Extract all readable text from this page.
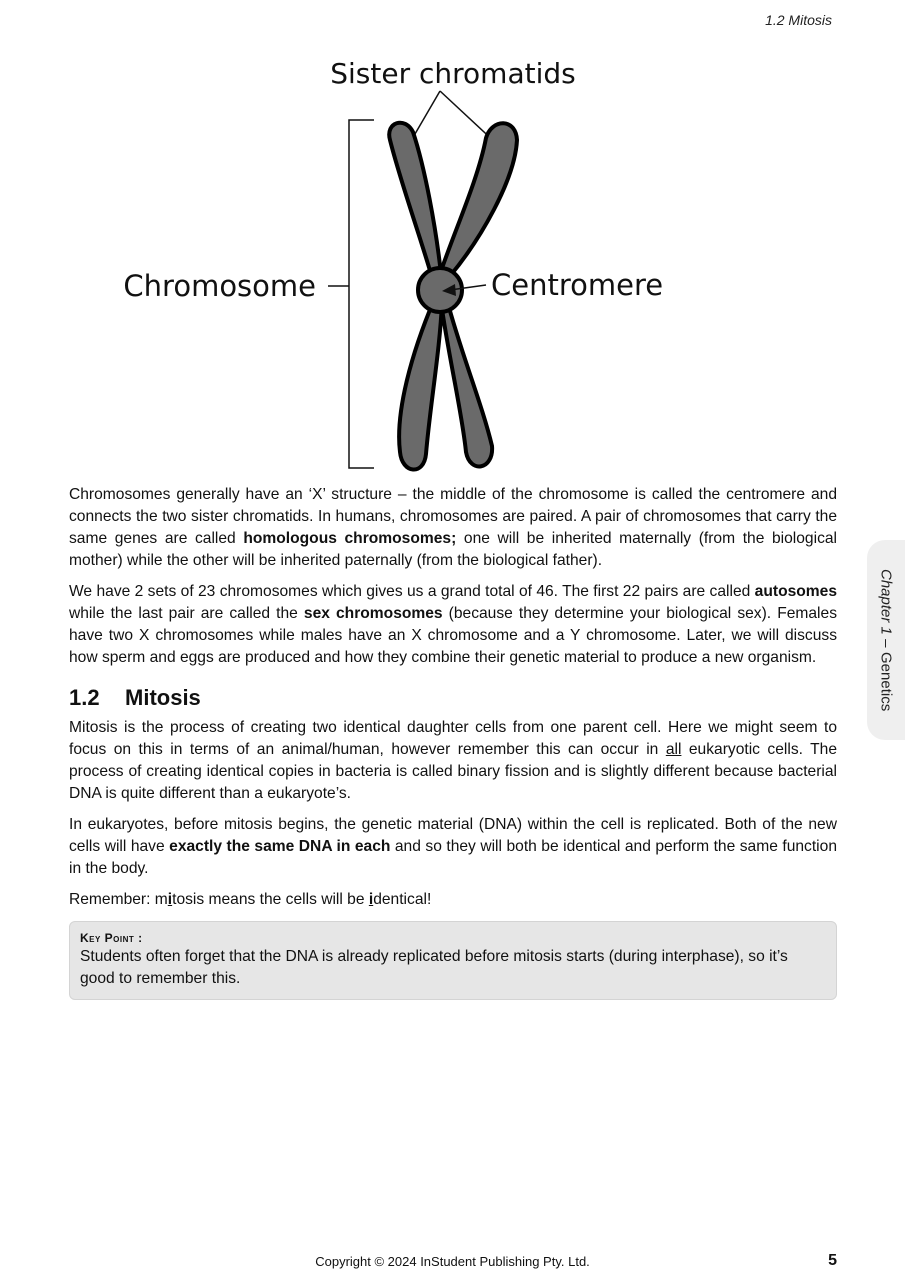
1.2 Mitosis
Sister chromatids
Chromosome	Centromere

Chromosomes generally have an ‘X’ structure – the middle of the chromosome is called the centromere and connects the two sister chromatids. In humans, chromosomes are paired. A pair of chromosomes that carry the same genes are called homologous chromosomes; one will be inherited maternally (from the biological mother) while the other will be inherited paternally (from the biological father).

We have 2 sets of 23 chromosomes which gives us a grand total of 46. The first 22 pairs are called autosomes while the last pair are called the sex chromosomes (because they determine your biological sex). Females have two X chromosomes while males have an X chromosome and a Y chromosome. Later, we will discuss how sperm and eggs are produced and how they combine their genetic material to produce a new organism.

1.2 Mitosis

Mitosis is the process of creating two identical daughter cells from one parent cell. Here we might seem to focus on this in terms of an animal/human, however remember this can occur in all eukaryotic cells. The process of creating identical copies in bacteria is called binary fission and is slightly different because bacterial DNA is quite different than a eukaryote’s.

In eukaryotes, before mitosis begins, the genetic material (DNA) within the cell is replicated. Both of the new cells will have exactly the same DNA in each and so they will both be identical and perform the same function in the body.

Remember: mitosis means the cells will be identical!

Key Point :
Students often forget that the DNA is already replicated before mitosis starts (during interphase), so it’s good to remember this.
Chapter 1
–
Genetics
Copyright © 2024 InStudent Publishing Pty. Ltd.	5
